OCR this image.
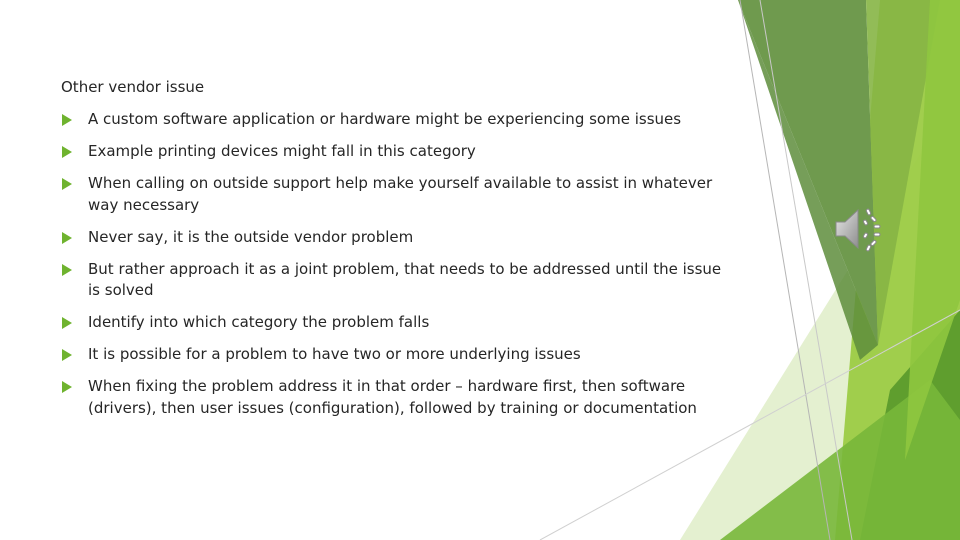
Other vendor issue
A custom software application or hardware might be experiencing some issues
Example printing devices might fall in this category
When calling on outside support help make yourself available to assist in whatever way necessary
Never say, it is the outside vendor problem
But rather approach it as a joint problem, that needs to be addressed until the issue is solved
Identify into which category the problem falls
It is possible for a problem to have two or more underlying issues
When fixing the problem address it in that order – hardware first, then software (drivers), then user issues (configuration), followed by training or documentation
